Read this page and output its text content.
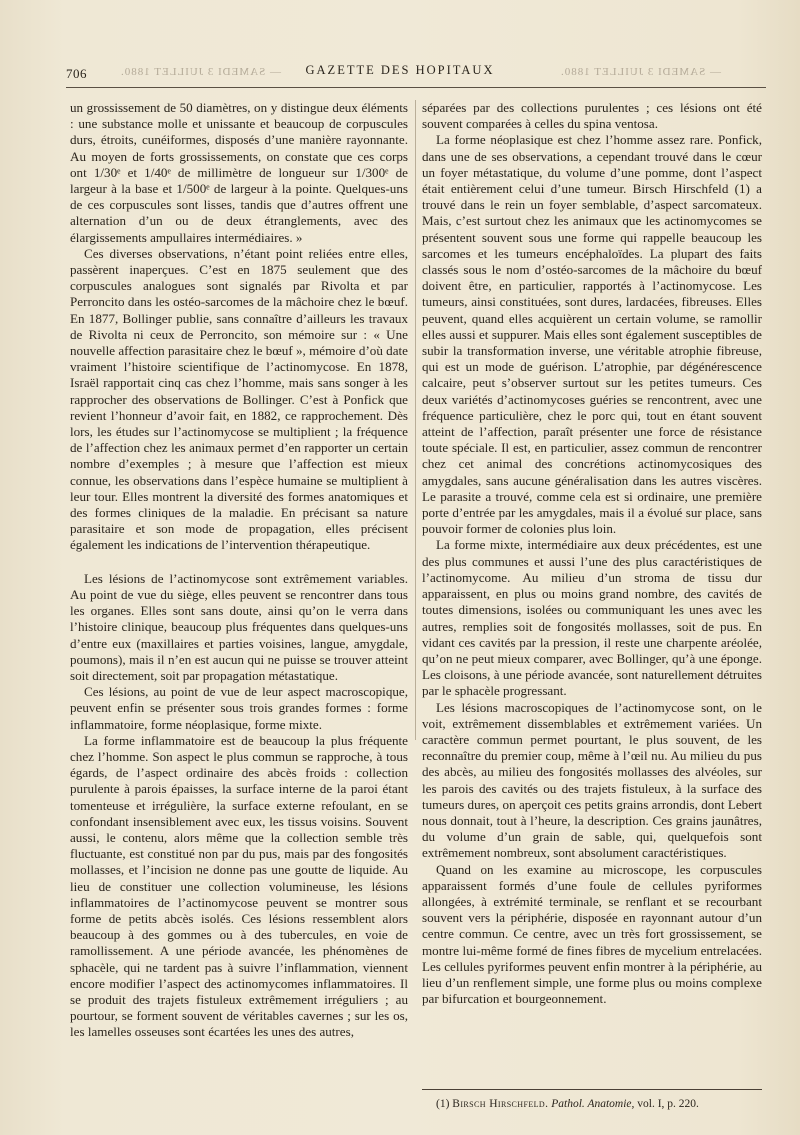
706	— SAMEDI 3 JUILLET 1880.	GAZETTE DES HOPITAUX	— SAMEDI 3 JUILLET 1880.

un grossissement de 50 diamètres, on y distingue deux éléments : une substance molle et unissante et beaucoup de corpuscules durs, étroits, cunéiformes, disposés d’une manière rayonnante. Au moyen de forts grossissements, on constate que ces corps ont 1/30ᵉ et 1/40ᵉ de millimètre de longueur sur 1/300ᵉ de largeur à la base et 1/500ᵉ de largeur à la pointe. Quelques-uns de ces corpuscules sont lisses, tandis que d’autres offrent une alternation d’un ou de deux étranglements, avec des élargissements ampullaires intermédiaires. »

Ces diverses observations, n’étant point reliées entre elles, passèrent inaperçues. C’est en 1875 seulement que des corpuscules analogues sont signalés par Rivolta et par Perroncito dans les ostéo-sarcomes de la mâchoire chez le bœuf. En 1877, Bollinger publie, sans connaître d’ailleurs les travaux de Rivolta ni ceux de Perroncito, son mémoire sur : « Une nouvelle affection parasitaire chez le bœuf », mémoire d’où date vraiment l’histoire scientifique de l’actinomycose. En 1878, Israël rapportait cinq cas chez l’homme, mais sans songer à les rapprocher des observations de Bollinger. C’est à Ponfick que revient l’honneur d’avoir fait, en 1882, ce rapprochement. Dès lors, les études sur l’actinomycose se multiplient ; la fréquence de l’affection chez les animaux permet d’en rapporter un certain nombre d’exemples ; à mesure que l’affection est mieux connue, les observations dans l’espèce humaine se multiplient à leur tour. Elles montrent la diversité des formes anatomiques et des formes cliniques de la maladie. En précisant sa nature parasitaire et son mode de propagation, elles précisent également les indications de l’intervention thérapeutique.

Les lésions de l’actinomycose sont extrêmement variables. Au point de vue du siège, elles peuvent se rencontrer dans tous les organes. Elles sont sans doute, ainsi qu’on le verra dans l’histoire clinique, beaucoup plus fréquentes dans quelques-uns d’entre eux (maxillaires et parties voisines, langue, amygdale, poumons), mais il n’en est aucun qui ne puisse se trouver atteint soit directement, soit par propagation métastatique.

Ces lésions, au point de vue de leur aspect macroscopique, peuvent enfin se présenter sous trois grandes formes : forme inflammatoire, forme néoplasique, forme mixte.

La forme inflammatoire est de beaucoup la plus fréquente chez l’homme. Son aspect le plus commun se rapproche, à tous égards, de l’aspect ordinaire des abcès froids : collection purulente à parois épaisses, la surface interne de la paroi étant tomenteuse et irrégulière, la surface externe refoulant, en se confondant insensiblement avec eux, les tissus voisins. Souvent aussi, le contenu, alors même que la collection semble très fluctuante, est constitué non par du pus, mais par des fongosités mollasses, et l’incision ne donne pas une goutte de liquide. Au lieu de constituer une collection volumineuse, les lésions inflammatoires de l’actinomycose peuvent se montrer sous forme de petits abcès isolés. Ces lésions ressemblent alors beaucoup à des gommes ou à des tubercules, en voie de ramollissement. A une période avancée, les phénomènes de sphacèle, qui ne tardent pas à suivre l’inflammation, viennent encore modifier l’aspect des actinomycomes inflammatoires. Il se produit des trajets fistuleux extrêmement irréguliers ; au pourtour, se forment souvent de véritables cavernes ; sur les os, les lamelles osseuses sont écartées les unes des autres,

séparées par des collections purulentes ; ces lésions ont été souvent comparées à celles du spina ventosa.

La forme néoplasique est chez l’homme assez rare. Ponfick, dans une de ses observations, a cependant trouvé dans le cœur un foyer métastatique, du volume d’une pomme, dont l’aspect était entièrement celui d’une tumeur. Birsch Hirschfeld (1) a trouvé dans le rein un foyer semblable, d’aspect sarcomateux. Mais, c’est surtout chez les animaux que les actinomycomes se présentent souvent sous une forme qui rappelle beaucoup les sarcomes et les tumeurs encéphaloïdes. La plupart des faits classés sous le nom d’ostéo-sarcomes de la mâchoire du bœuf doivent être, en particulier, rapportés à l’actinomycose. Les tumeurs, ainsi constituées, sont dures, lardacées, fibreuses. Elles peuvent, quand elles acquièrent un certain volume, se ramollir elles aussi et suppurer. Mais elles sont également susceptibles de subir la transformation inverse, une véritable atrophie fibreuse, qui est un mode de guérison. L’atrophie, par dégénérescence calcaire, peut s’observer surtout sur les petites tumeurs. Ces deux variétés d’actinomycoses guéries se rencontrent, avec une fréquence particulière, chez le porc qui, tout en étant souvent atteint de l’affection, paraît présenter une force de résistance toute spéciale. Il est, en particulier, assez commun de rencontrer chez cet animal des concrétions actinomycosiques des amygdales, sans aucune généralisation dans les autres viscères. Le parasite a trouvé, comme cela est si ordinaire, une première porte d’entrée par les amygdales, mais il a évolué sur place, sans pouvoir former de colonies plus loin.

La forme mixte, intermédiaire aux deux précédentes, est une des plus communes et aussi l’une des plus caractéristiques de l’actinomycome. Au milieu d’un stroma de tissu dur apparaissent, en plus ou moins grand nombre, des cavités de toutes dimensions, isolées ou communiquant les unes avec les autres, remplies soit de fongosités mollasses, soit de pus. En vidant ces cavités par la pression, il reste une charpente aréolée, qu’on ne peut mieux comparer, avec Bollinger, qu’à une éponge. Les cloisons, à une période avancée, sont naturellement détruites par le sphacèle progressant.

Les lésions macroscopiques de l’actinomycose sont, on le voit, extrêmement dissemblables et extrêmement variées. Un caractère commun permet pourtant, le plus souvent, de les reconnaître du premier coup, même à l’œil nu. Au milieu du pus des abcès, au milieu des fongosités mollasses des alvéoles, sur les parois des cavités ou des trajets fistuleux, à la surface des tumeurs dures, on aperçoit ces petits grains arrondis, dont Lebert nous donnait, tout à l’heure, la description. Ces grains jaunâtres, du volume d’un grain de sable, qui, quelquefois sont extrêmement nombreux, sont absolument caractéristiques.

Quand on les examine au microscope, les corpuscules apparaissent formés d’une foule de cellules pyriformes allongées, à extrémité terminale, se renflant et se recourbant souvent vers la périphérie, disposée en rayonnant autour d’un centre commun. Ce centre, avec un très fort grossissement, se montre lui-même formé de fines fibres de mycelium entrelacées. Les cellules pyriformes peuvent enfin montrer à la périphérie, au lieu d’un renflement simple, une forme plus ou moins complexe par bifurcation et bourgeonnement.

(1) Birsch Hirschfeld. Pathol. Anatomie, vol. I, p. 220.
